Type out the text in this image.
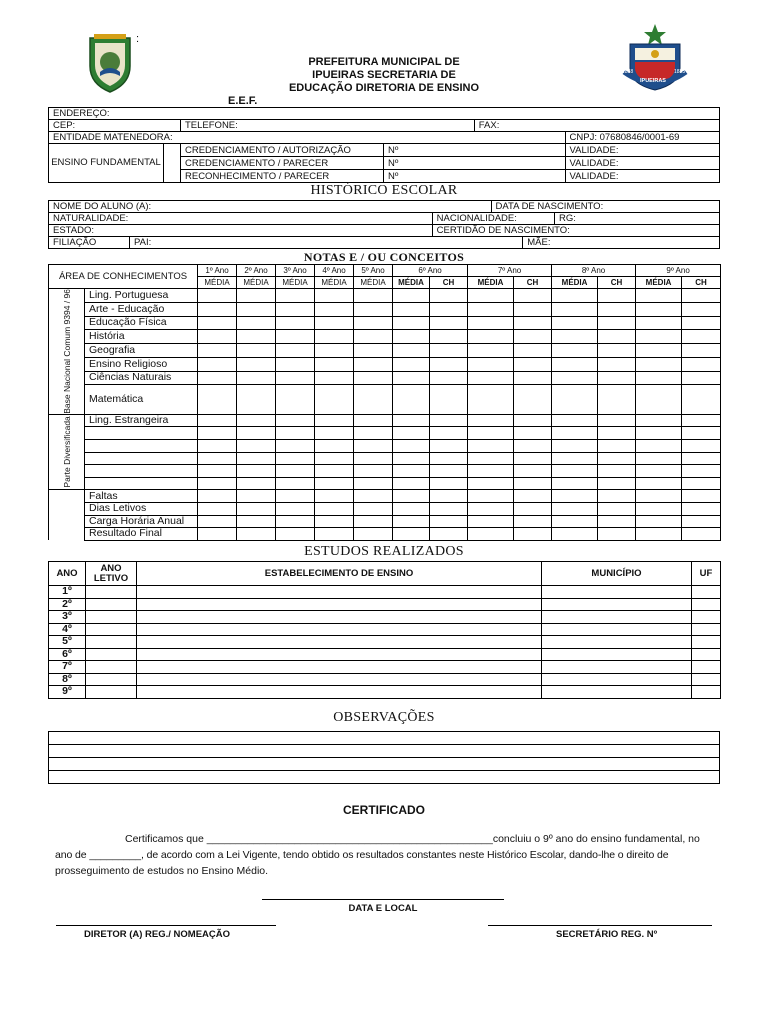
:
PREFEITURA MUNICIPAL DE
IPUEIRAS SECRETARIA DE
EDUCAÇÃO DIRETORIA DE ENSINO
E.E.F.
1838
IPUEIRAS
1883
ENDEREÇO:					
CEP:		TELEFONE:		FAX:	
ENTIDADE MATENEDORA:					CNPJ: 07680846/0001-69
ENSINO FUNDAMENTAL		CREDENCIAMENTO / AUTORIZAÇÃO	Nº		VALIDADE:
		CREDENCIAMENTO / PARECER	Nº		VALIDADE:
		RECONHECIMENTO / PARECER	Nº		VALIDADE:
HISTÓRICO ESCOLAR
NOME DO ALUNO (A):			DATA DE NASCIMENTO:		
NATURALIDADE:		NACIONALIDADE:			RG:
ESTADO:		CERTIDÃO DE NASCIMENTO:			
FILIAÇÃO	PAI:			MÃE:	
NOTAS E / OU CONCEITOS
ÁREA DE CONHECIMENTOS		1º Ano	2º Ano	3º Ano	4º Ano	5º Ano	6º Ano		7º Ano		8º Ano		9º Ano	
		MÉDIA	MÉDIA	MÉDIA	MÉDIA	MÉDIA	MÉDIA	CH	MÉDIA	CH	MÉDIA	CH	MÉDIA	CH
Base Nacional Comum 9394 / 96	Ling. Portuguesa													
	Arte - Educação													
	Educação Física													
	História													
	Geografia													
	Ensino Religioso													
	Ciências Naturais													
	Matemática													
Parte Diversificada	Ling. Estrangeira													

	Faltas													
	Dias Letivos													
	Carga Horária Anual													
	Resultado Final													
ESTUDOS REALIZADOS
ANO	ANO LETIVO	ESTABELECIMENTO DE ENSINO	MUNICÍPIO	UF
1º				
2º				
3º				
4º				
5º				
6º				
7º				
8º				
9º				
OBSERVAÇÕES

CERTIFICADO
Certificamos que _________________________________________________concluiu o 9º ano do ensino fundamental, no
ano de _________, de acordo com a Lei Vigente, tendo obtido os resultados constantes neste Histórico Escolar, dando-lhe o direito de
prosseguimento de estudos no Ensino Médio.
DATA E LOCAL
DIRETOR (A) REG./ NOMEAÇÃO	SECRETÁRIO REG. Nº
